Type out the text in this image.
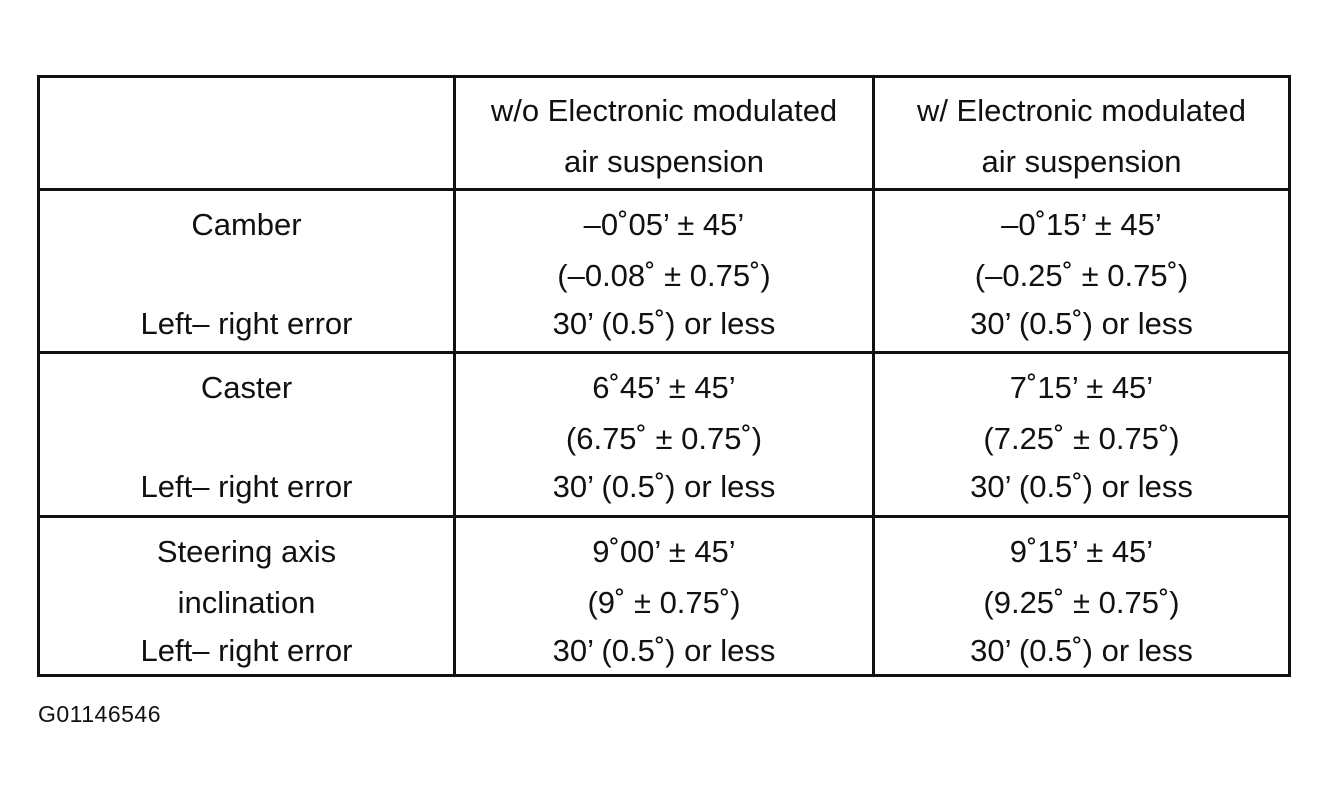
w/o Electronic modulated
air suspension
w/ Electronic modulated
air suspension
Camber
Left– right error
–0˚05’ ± 45’
(–0.08˚ ± 0.75˚)
30’ (0.5˚) or less
–0˚15’ ± 45’
(–0.25˚ ± 0.75˚)
30’ (0.5˚) or less
Caster
Left– right error
6˚45’ ± 45’
(6.75˚ ± 0.75˚)
30’ (0.5˚) or less
7˚15’ ± 45’
(7.25˚ ± 0.75˚)
30’ (0.5˚) or less
Steering axis
inclination
Left– right error
9˚00’ ± 45’
(9˚ ± 0.75˚)
30’ (0.5˚) or less
9˚15’ ± 45’
(9.25˚ ± 0.75˚)
30’ (0.5˚) or less
G01146546
